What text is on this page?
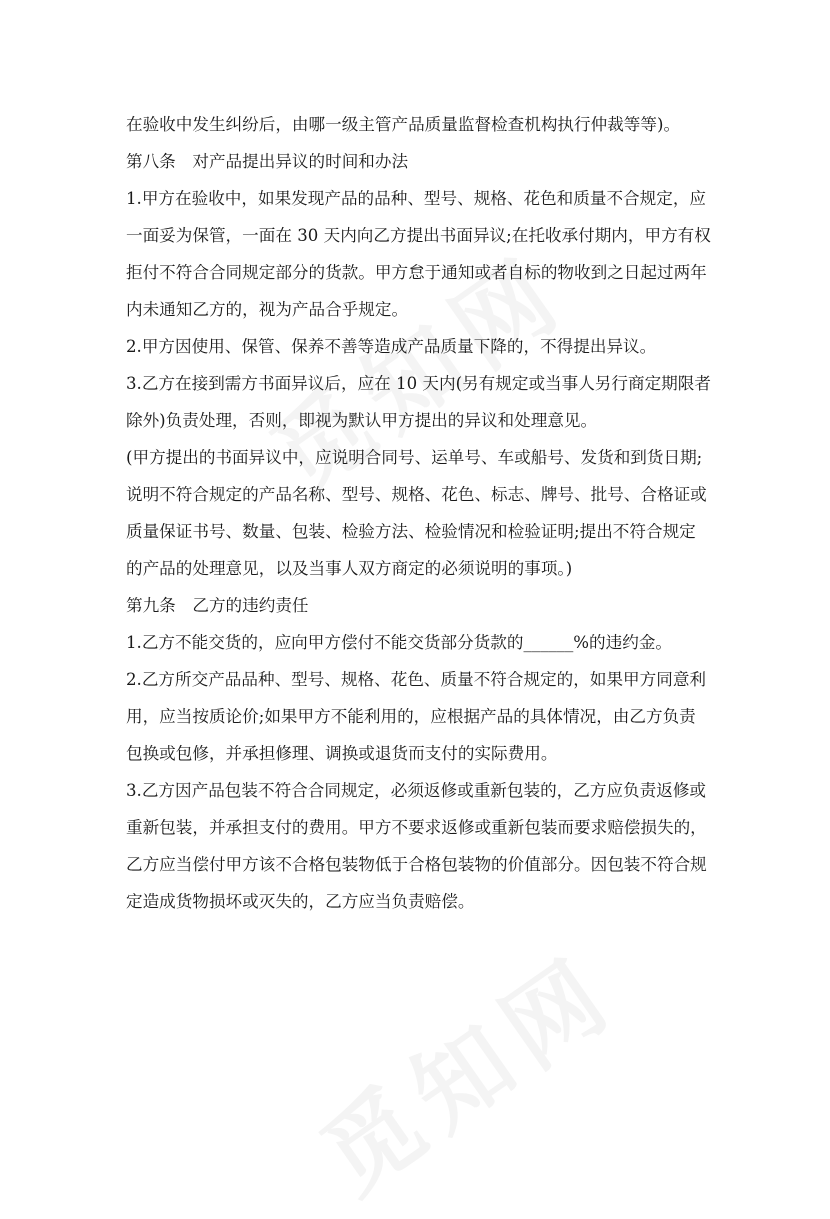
在验收中发生纠纷后，由哪一级主管产品质量监督检查机构执行仲裁等等)。
第八条　对产品提出异议的时间和办法
1.甲方在验收中，如果发现产品的品种、型号、规格、花色和质量不合规定，应
一面妥为保管，一面在 30 天内向乙方提出书面异议;在托收承付期内，甲方有权
拒付不符合合同规定部分的货款。甲方怠于通知或者自标的物收到之日起过两年
内未通知乙方的，视为产品合乎规定。
2.甲方因使用、保管、保养不善等造成产品质量下降的，不得提出异议。
3.乙方在接到需方书面异议后，应在 10 天内(另有规定或当事人另行商定期限者
除外)负责处理，否则，即视为默认甲方提出的异议和处理意见。
(甲方提出的书面异议中，应说明合同号、运单号、车或船号、发货和到货日期;
说明不符合规定的产品名称、型号、规格、花色、标志、牌号、批号、合格证或
质量保证书号、数量、包装、检验方法、检验情况和检验证明;提出不符合规定
的产品的处理意见，以及当事人双方商定的必须说明的事项。)
第九条　乙方的违约责任
1.乙方不能交货的，应向甲方偿付不能交货部分货款的______%的违约金。
2.乙方所交产品品种、型号、规格、花色、质量不符合规定的，如果甲方同意利
用，应当按质论价;如果甲方不能利用的，应根据产品的具体情况，由乙方负责
包换或包修，并承担修理、调换或退货而支付的实际费用。
3.乙方因产品包装不符合合同规定，必须返修或重新包装的，乙方应负责返修或
重新包装，并承担支付的费用。甲方不要求返修或重新包装而要求赔偿损失的，
乙方应当偿付甲方该不合格包装物低于合格包装物的价值部分。因包装不符合规
定造成货物损坏或灭失的，乙方应当负责赔偿。
